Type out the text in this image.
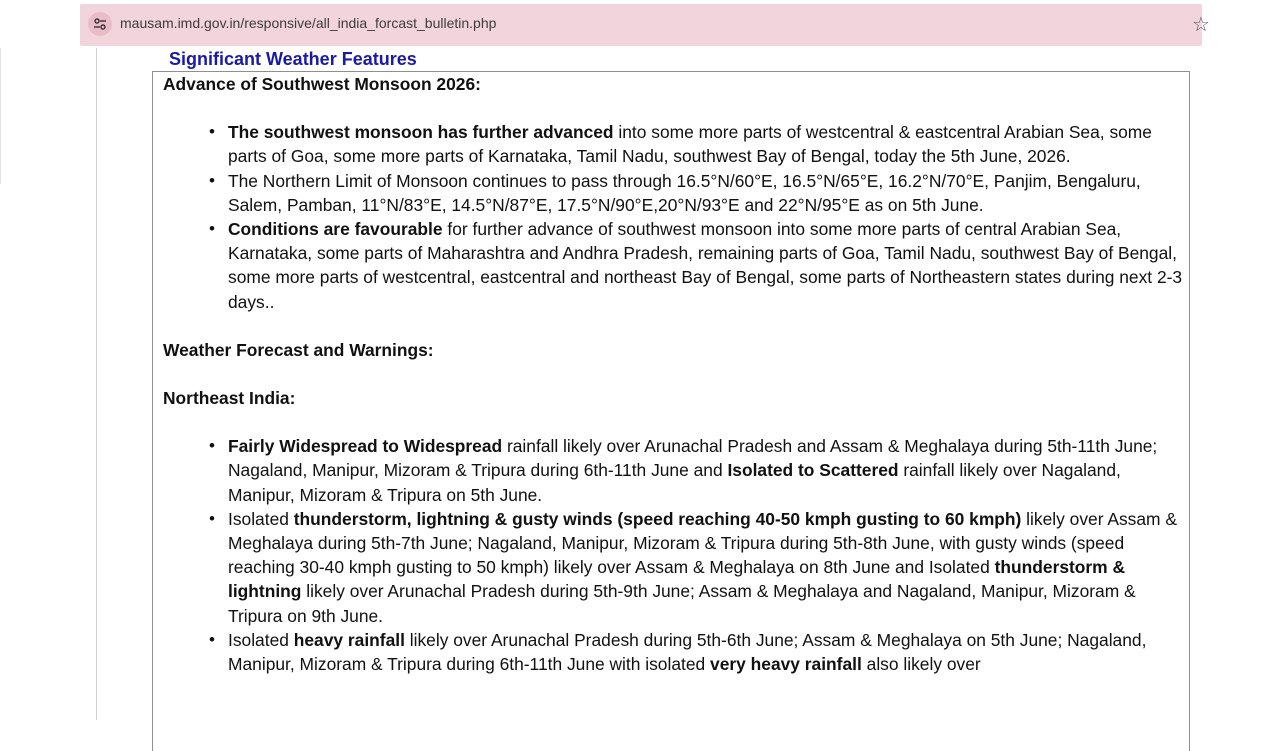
mausam.imd.gov.in/responsive/all_india_forcast_bulletin.php	☆
Significant Weather Features

Advance of Southwest Monsoon 2026:

• The southwest monsoon has further advanced into some more parts of westcentral & eastcentral Arabian Sea, some parts of Goa, some more parts of Karnataka, Tamil Nadu, southwest Bay of Bengal, today the 5th June, 2026.
• The Northern Limit of Monsoon continues to pass through 16.5°N/60°E, 16.5°N/65°E, 16.2°N/70°E, Panjim, Bengaluru, Salem, Pamban, 11°N/83°E, 14.5°N/87°E, 17.5°N/90°E,20°N/93°E and 22°N/95°E as on 5th June.
• Conditions are favourable for further advance of southwest monsoon into some more parts of central Arabian Sea, Karnataka, some parts of Maharashtra and Andhra Pradesh, remaining parts of Goa, Tamil Nadu, southwest Bay of Bengal, some more parts of westcentral, eastcentral and northeast Bay of Bengal, some parts of Northeastern states during next 2-3 days..

Weather Forecast and Warnings:

Northeast India:

• Fairly Widespread to Widespread rainfall likely over Arunachal Pradesh and Assam & Meghalaya during 5th-11th June; Nagaland, Manipur, Mizoram & Tripura during 6th-11th June and Isolated to Scattered rainfall likely over Nagaland, Manipur, Mizoram & Tripura on 5th June.
• Isolated thunderstorm, lightning & gusty winds (speed reaching 40-50 kmph gusting to 60 kmph) likely over Assam & Meghalaya during 5th-7th June; Nagaland, Manipur, Mizoram & Tripura during 5th-8th June, with gusty winds (speed reaching 30-40 kmph gusting to 50 kmph) likely over Assam & Meghalaya on 8th June and Isolated thunderstorm & lightning likely over Arunachal Pradesh during 5th-9th June; Assam & Meghalaya and Nagaland, Manipur, Mizoram & Tripura on 9th June.
• Isolated heavy rainfall likely over Arunachal Pradesh during 5th-6th June; Assam & Meghalaya on 5th June; Nagaland, Manipur, Mizoram & Tripura during 6th-11th June with isolated very heavy rainfall also likely over
